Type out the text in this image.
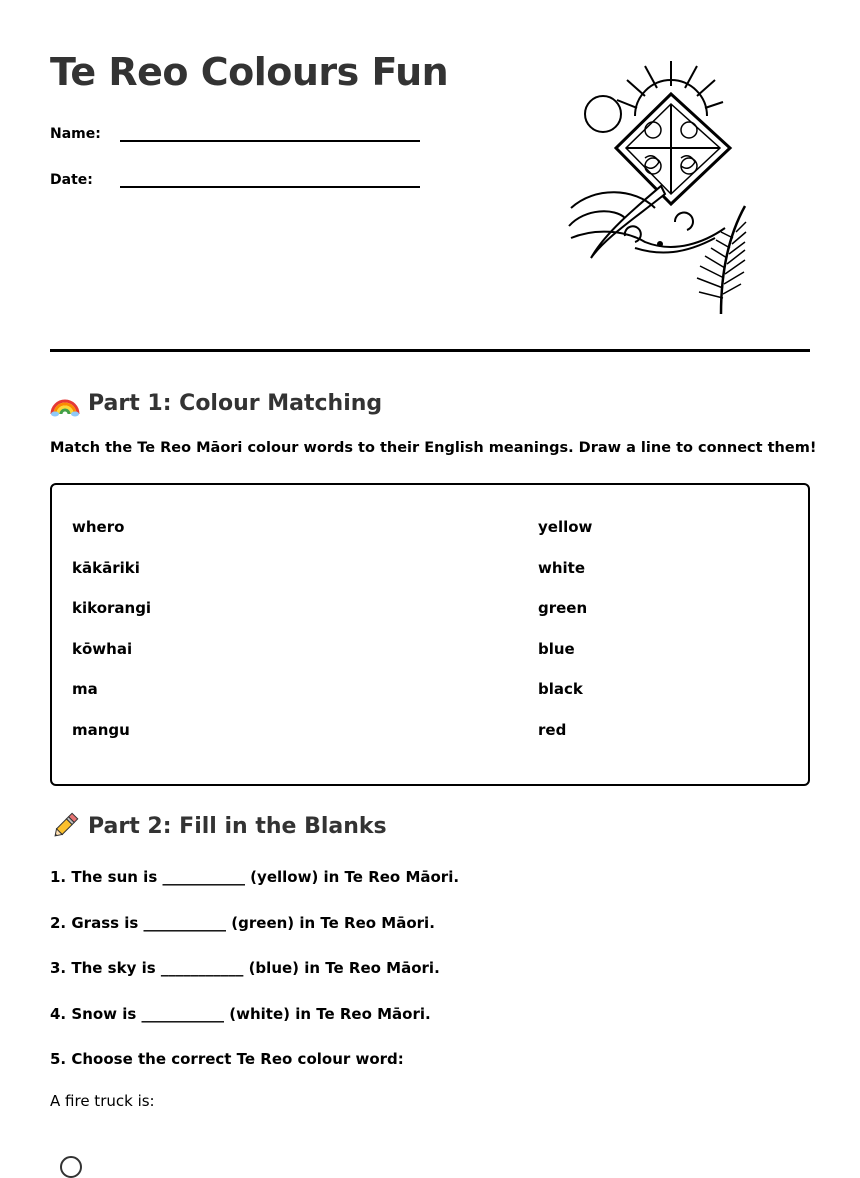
Te Reo Colours Fun
Name:
Date:
Part 1: Colour Matching
Match the Te Reo Māori colour words to their English meanings. Draw a line to connect them!
whero
kākāriki
kikorangi
kōwhai
ma
mangu
yellow
white
green
blue
black
red
Part 2: Fill in the Blanks
1. The sun is ___________ (yellow) in Te Reo Māori.
2. Grass is ___________ (green) in Te Reo Māori.
3. The sky is ___________ (blue) in Te Reo Māori.
4. Snow is ___________ (white) in Te Reo Māori.
5. Choose the correct Te Reo colour word:
A fire truck is:
